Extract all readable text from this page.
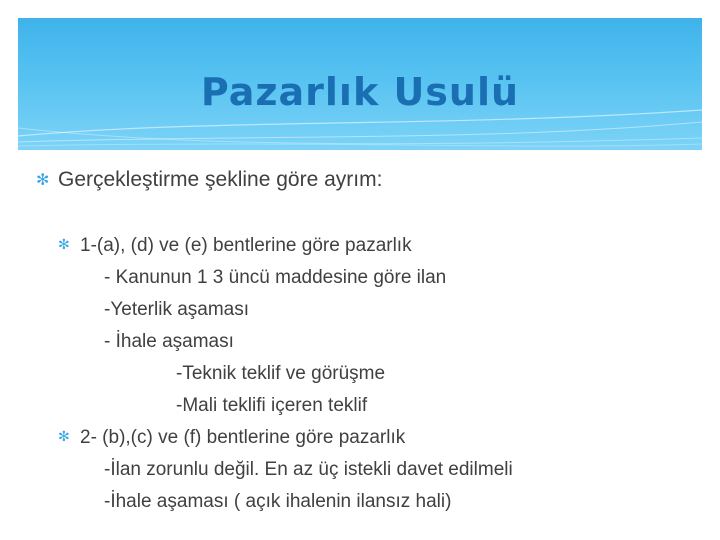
Pazarlık Usulü
✻ Gerçekleştirme şekline göre ayrım:
✻ 1-(a), (d) ve (e) bentlerine göre pazarlık
- Kanunun 1 3 üncü maddesine göre ilan
-Yeterlik aşaması
- İhale aşaması
-Teknik teklif ve görüşme
-Mali teklifi içeren teklif
✻ 2- (b),(c) ve (f) bentlerine göre pazarlık
-İlan zorunlu değil. En az üç istekli davet edilmeli
-İhale aşaması ( açık ihalenin ilansız hali)
